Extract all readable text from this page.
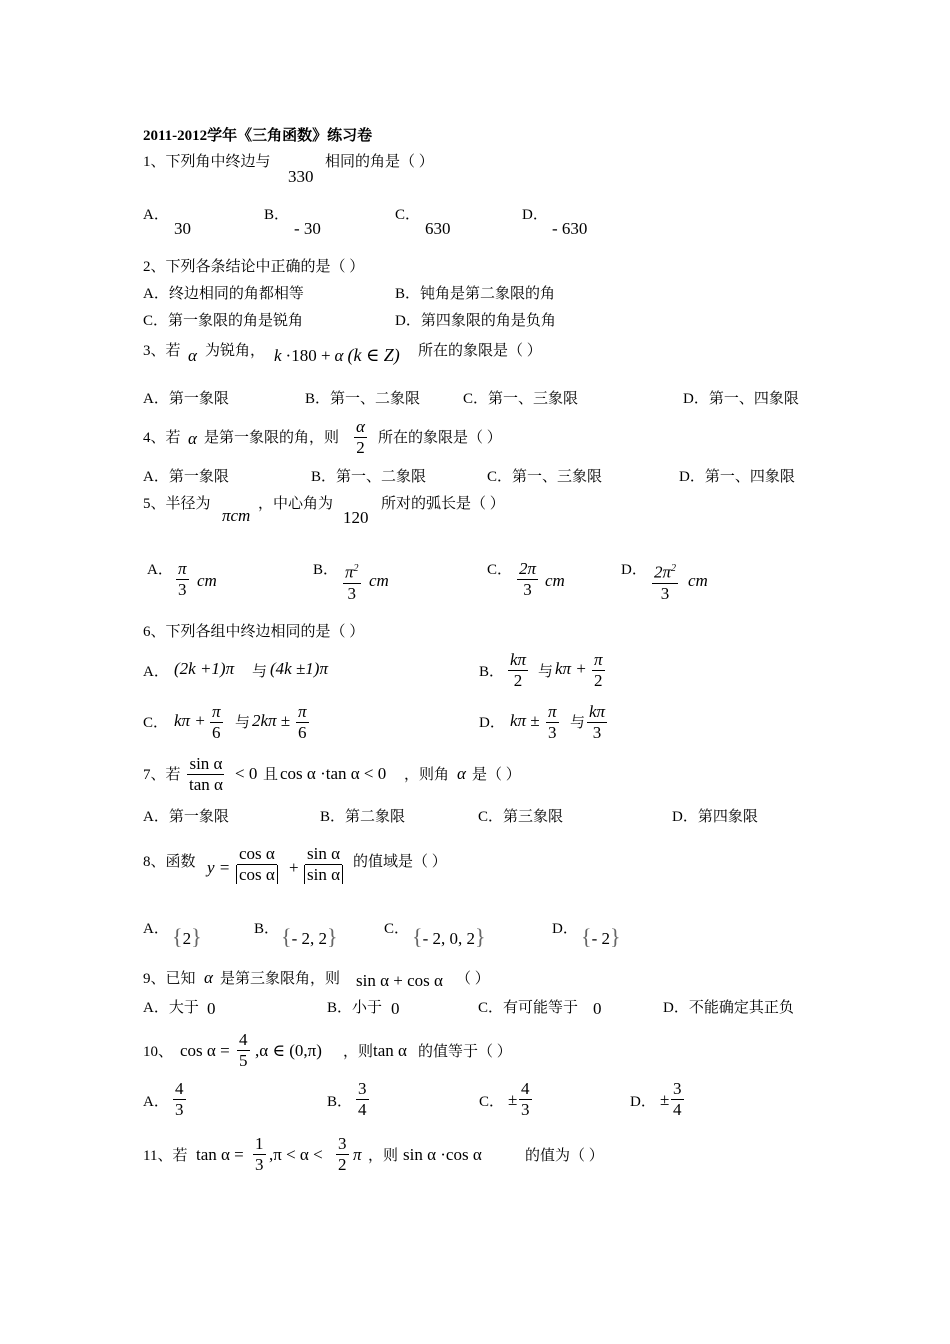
2011-2012学年《三角函数》练习卷
1、下列角中终边与
330
相同的角是（ ）
A．
30
B．
- 30
C．
630
D．
- 630
2、下列各条结论中正确的是（ ）
A．终边相同的角都相等	B．钝角是第二象限的角
C．第一象限的角是锐角	D．第四象限的角是负角
3、若 α 为锐角， k ·180 + α (k ∈ Z) 所在的象限是（ ）
A．第一象限	B．第一、二象限	C．第一、三象限	D．第一、四象限
4、若 α 是第一象限的角，则 $\frac{\alpha}{2}$ 所在的象限是（ ）
A．第一象限	B．第一、二象限	C．第一、三象限	D．第一、四象限
5、半径为
πcm
，中心角为
120
所对的弧长是（ ）
A． $\frac{\pi}{3}$ cm
B． $\frac{\pi^2}{3}$ cm
C． $\frac{2\pi}{3}$ cm
D． $\frac{2\pi^2}{3}$ cm
6、下列各组中终边相同的是（ ）
A． (2k +1)π 与 (4k ±1)π	B． $\frac{k\pi}{2}$ 与 $k\pi + \frac{\pi}{2}$
C． $k\pi + \frac{\pi}{6}$ 与 $2k\pi \pm \frac{\pi}{6}$	D． $k\pi \pm \frac{\pi}{3}$ 与 $\frac{k\pi}{3}$
7、若 $\frac{\text{sin α}}{\text{tan α}} < 0$ 且 cos α ·tan α < 0 ，则角 α 是（ ）
A．第一象限	B．第二象限	C．第三象限	D．第四象限
8、函数 $y = \frac{\text{cos α}}{\text{cos α}} + \frac{\text{sin α}}{\text{sin α}}$ 的值域是（ ）
A． {2}	B． {- 2, 2}	C． {- 2, 0, 2}	D． {- 2}
9、已知 α 是第三象限角，则 sin α + cos α （ ）
A．大于 0	B．小于 0	C．有可能等于 0	D．不能确定其正负
10、 $\cos \alpha = \frac{4}{5} ,\alpha$ ∈ (0,π) ，则 tan α 的值等于（ ）
A． $\frac{4}{3}$	B． $\frac{3}{4}$	C． ± $\frac{4}{3}$	D． ± $\frac{3}{4}$
11、若 $\tan \alpha = \frac{1}{3} ,\pi < \alpha < \frac{3}{2}$ π ，则 sin α ·cos α	的值为（ ）
